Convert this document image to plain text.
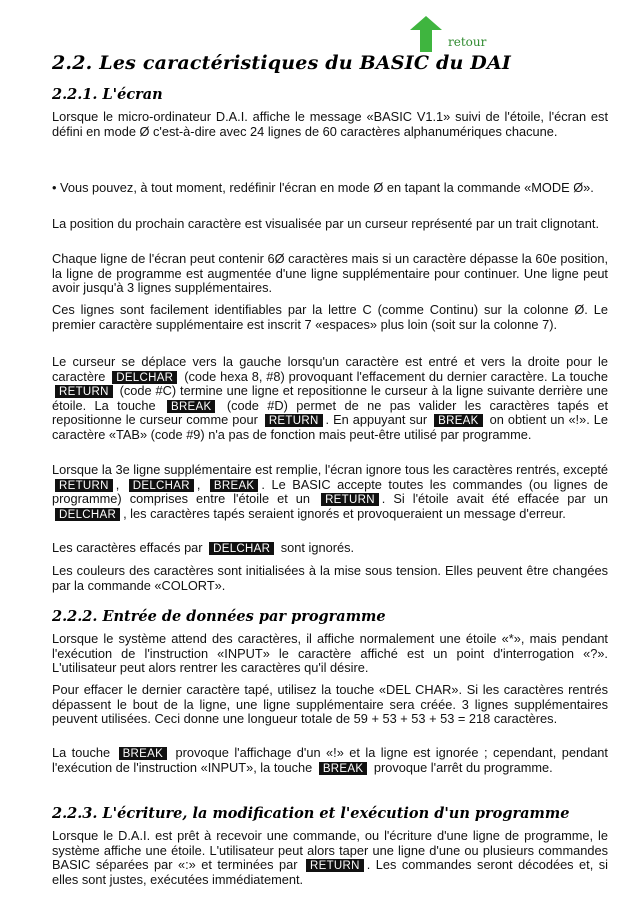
retour
2.2. Les caractéristiques du BASIC du DAI
2.2.1. L'écran

Lorsque le micro-ordinateur D.A.I. affiche le message «BASIC V1.1» suivi de l'étoile, l'écran est défini en mode Ø c'est-à-dire avec 24 lignes de 60 caractères alphanumériques chacune.

• Vous pouvez, à tout moment, redéfinir l'écran en mode Ø en tapant la commande «MODE Ø».

La position du prochain caractère est visualisée par un curseur représenté par un trait clignotant.

Chaque ligne de l'écran peut contenir 6Ø caractères mais si un caractère dépasse la 60e position, la ligne de programme est augmentée d'une ligne supplémentaire pour continuer. Une ligne peut avoir jusqu'à 3 lignes supplémentaires.

Ces lignes sont facilement identifiables par la lettre C (comme Continu) sur la colonne Ø. Le premier caractère supplémentaire est inscrit 7 «espaces» plus loin (soit sur la colonne 7).

Le curseur se déplace vers la gauche lorsqu'un caractère est entré et vers la droite pour le caractère DELCHAR (code hexa 8, #8) provoquant l'effacement du dernier caractère. La touche RETURN (code #C) termine une ligne et repositionne le curseur à la ligne suivante derrière une étoile. La touche BREAK (code #D) permet de ne pas valider les caractères tapés et repositionne le curseur comme pour RETURN . En appuyant sur BREAK on obtient un «!». Le caractère «TAB» (code #9) n'a pas de fonction mais peut-être utilisé par programme.

Lorsque la 3e ligne supplémentaire est remplie, l'écran ignore tous les caractères rentrés, excepté RETURN , DELCHAR , BREAK . Le BASIC accepte toutes les commandes (ou lignes de programme) comprises entre l'étoile et un RETURN . Si l'étoile avait été effacée par un DELCHAR , les caractères tapés seraient ignorés et provoqueraient un message d'erreur.

Les caractères effacés par DELCHAR sont ignorés.

Les couleurs des caractères sont initialisées à la mise sous tension. Elles peuvent être changées par la commande «COLORT».

2.2.2. Entrée de données par programme

Lorsque le système attend des caractères, il affiche normalement une étoile «*», mais pendant l'exécution de l'instruction «INPUT» le caractère affiché est un point d'interrogation «?». L'utilisateur peut alors rentrer les caractères qu'il désire.

Pour effacer le dernier caractère tapé, utilisez la touche «DEL CHAR». Si les caractères rentrés dépassent le bout de la ligne, une ligne supplémentaire sera créée. 3 lignes supplémentaires peuvent utilisées. Ceci donne une longueur totale de 59 + 53 + 53 + 53 = 218 caractères.

La touche BREAK provoque l'affichage d'un «!» et la ligne est ignorée ; cependant, pendant l'exécution de l'instruction «INPUT», la touche BREAK provoque l'arrêt du programme.

2.2.3. L'écriture, la modification et l'exécution d'un programme

Lorsque le D.A.I. est prêt à recevoir une commande, ou l'écriture d'une ligne de programme, le système affiche une étoile. L'utilisateur peut alors taper une ligne d'une ou plusieurs commandes BASIC séparées par «:» et terminées par RETURN . Les commandes seront décodées et, si elles sont justes, exécutées immédiatement.
